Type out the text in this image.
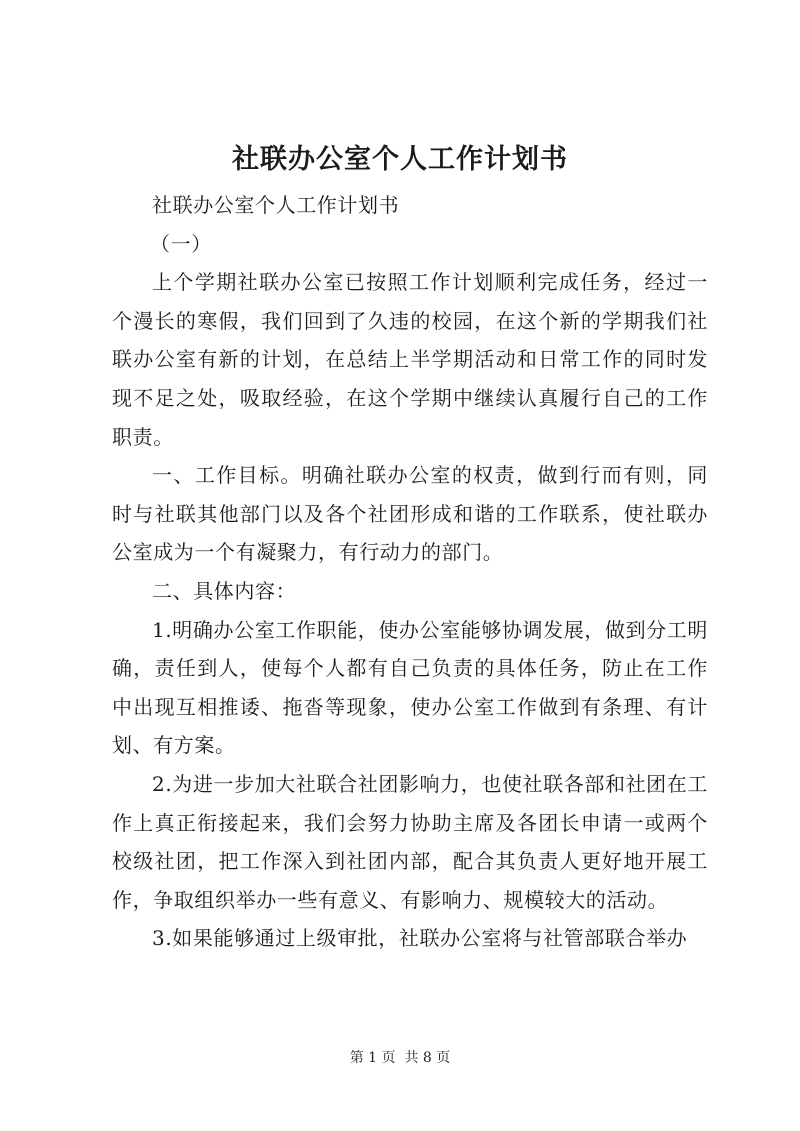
社联办公室个人工作计划书

社联办公室个人工作计划书

（一）

上个学期社联办公室已按照工作计划顺利完成任务，经过一个漫长的寒假，我们回到了久违的校园，在这个新的学期我们社联办公室有新的计划，在总结上半学期活动和日常工作的同时发现不足之处，吸取经验，在这个学期中继续认真履行自己的工作职责。

一、工作目标。明确社联办公室的权责，做到行而有则，同时与社联其他部门以及各个社团形成和谐的工作联系，使社联办公室成为一个有凝聚力，有行动力的部门。

二、具体内容：

1.明确办公室工作职能，使办公室能够协调发展，做到分工明确，责任到人，使每个人都有自己负责的具体任务，防止在工作中出现互相推诿、拖沓等现象，使办公室工作做到有条理、有计划、有方案。

2.为进一步加大社联合社团影响力，也使社联各部和社团在工作上真正衔接起来，我们会努力协助主席及各团长申请一或两个校级社团，把工作深入到社团内部，配合其负责人更好地开展工作，争取组织举办一些有意义、有影响力、规模较大的活动。

3.如果能够通过上级审批，社联办公室将与社管部联合举办

第 1 页  共 8 页
